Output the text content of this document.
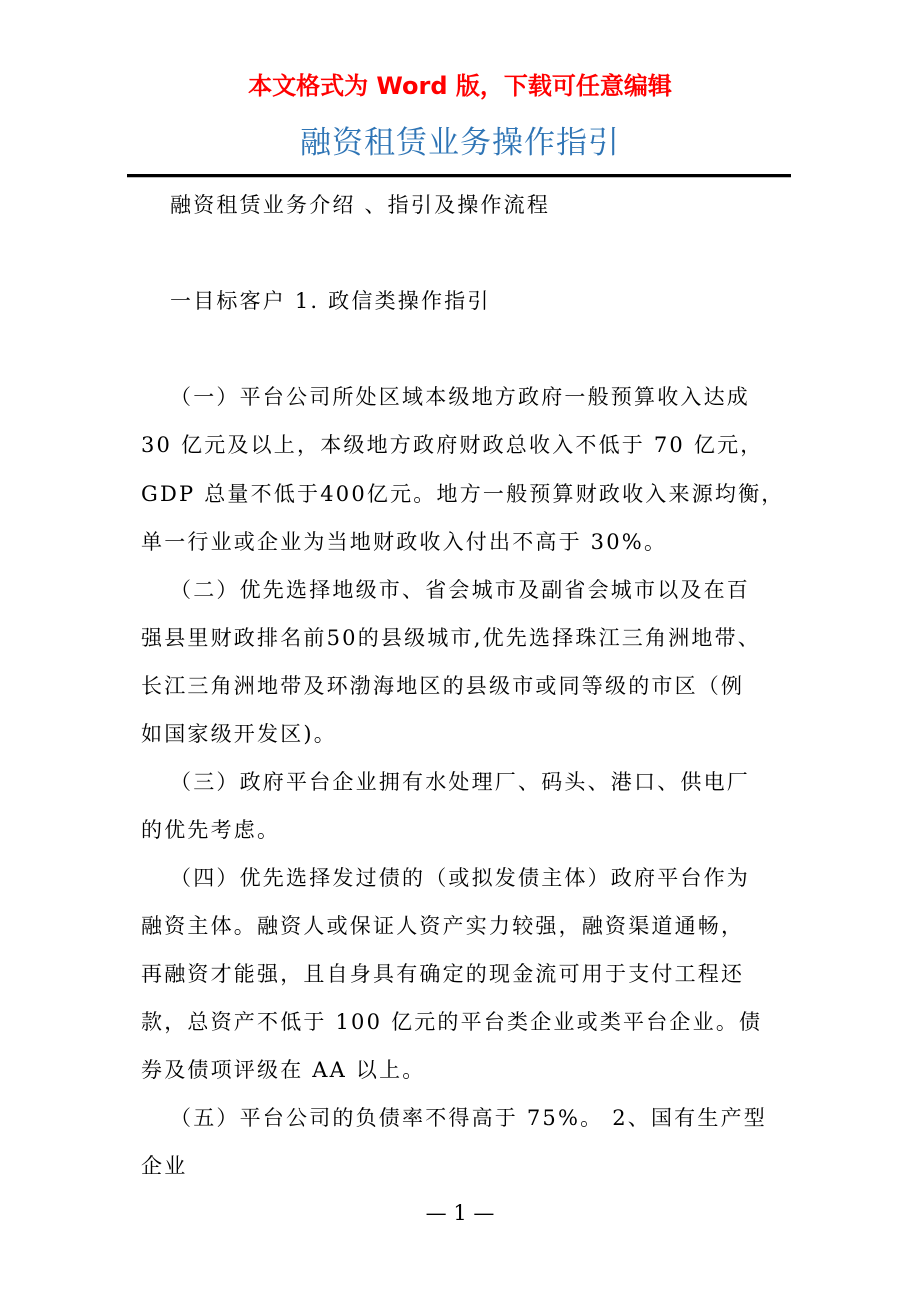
本文格式为 Word 版，下载可任意编辑
融资租赁业务操作指引
融资租赁业务介绍 、指引及操作流程
一目标客户 1. 政信类操作指引
（一）平台公司所处区域本级地方政府一般预算收入达成
30 亿元及以上，本级地方政府财政总收入不低于 70 亿元，
GDP 总量不低于400亿元。地方一般预算财政收入来源均衡，
单一行业或企业为当地财政收入付出不高于 30%。
（二）优先选择地级市、省会城市及副省会城市以及在百
强县里财政排名前50的县级城市,优先选择珠江三角洲地带、
长江三角洲地带及环渤海地区的县级市或同等级的市区（例
如国家级开发区)。
（三）政府平台企业拥有水处理厂、码头、港口、供电厂
的优先考虑。
（四）优先选择发过债的（或拟发债主体）政府平台作为
融资主体。融资人或保证人资产实力较强，融资渠道通畅，
再融资才能强，且自身具有确定的现金流可用于支付工程还
款，总资产不低于 100 亿元的平台类企业或类平台企业。债
券及债项评级在 AA 以上。
（五）平台公司的负债率不得高于 75%。 2、国有生产型
企业
— 1 —
